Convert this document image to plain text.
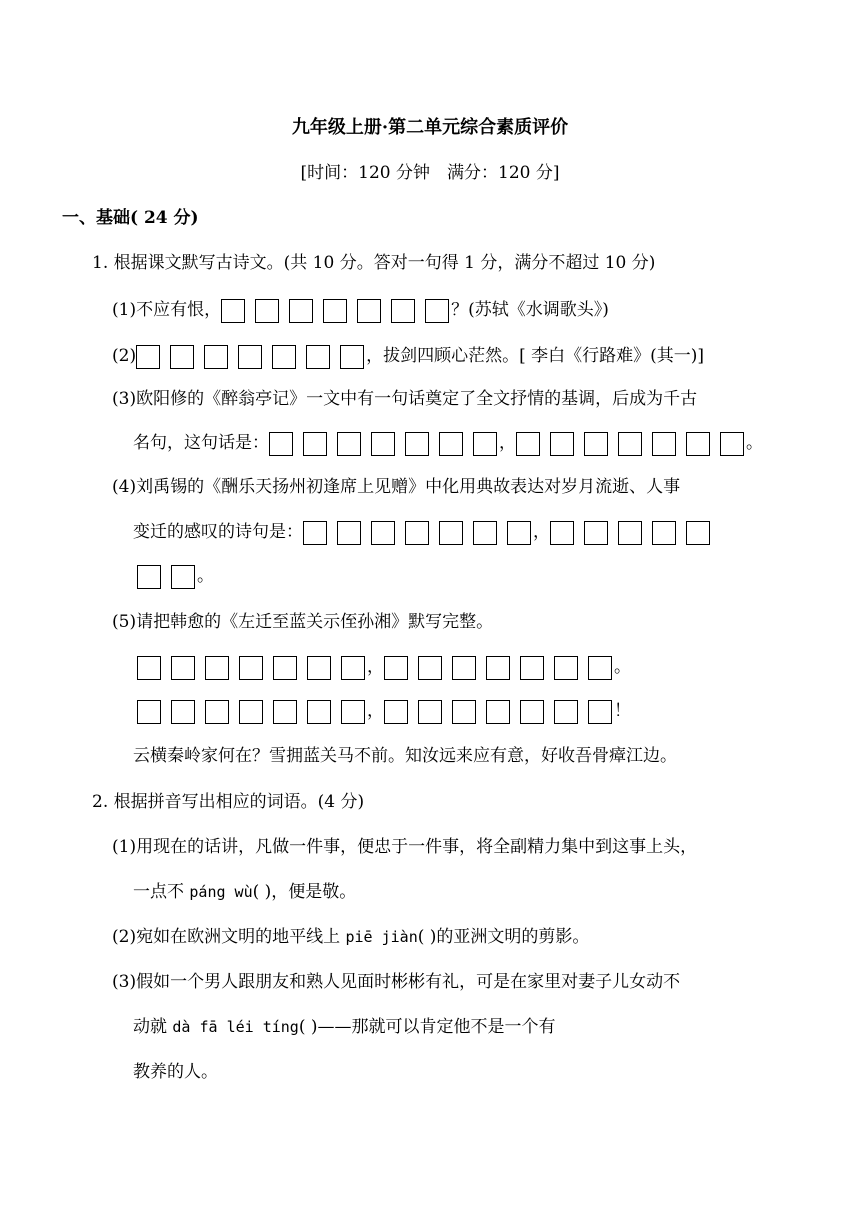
九年级上册·第二单元综合素质评价
[时间：120 分钟　满分：120 分]
一、基础( 24 分)
1. 根据课文默写古诗文。(共 10 分。答对一句得 1 分，满分不超过 10 分)
(1)不应有恨，	？(苏轼《水调歌头》)
(2)	，拔剑四顾心茫然。[ 李白《行路难》(其一)]
(3)欧阳修的《醉翁亭记》一文中有一句话奠定了全文抒情的基调，后成为千古
名句，这句话是：	，	。
(4)刘禹锡的《酬乐天扬州初逢席上见赠》中化用典故表达对岁月流逝、人事
变迁的感叹的诗句是：	，
。
(5)请把韩愈的《左迁至蓝关示侄孙湘》默写完整。
，	。
，	！
云横秦岭家何在？雪拥蓝关马不前。知汝远来应有意，好收吾骨瘴江边。
2. 根据拼音写出相应的词语。(4 分)
(1)用现在的话讲，凡做一件事，便忠于一件事，将全副精力集中到这事上头，
一点不 páng wù( )，便是敬。
(2)宛如在欧洲文明的地平线上 piē jiàn( )的亚洲文明的剪影。
(3)假如一个男人跟朋友和熟人见面时彬彬有礼，可是在家里对妻子儿女动不
动就 dà fā léi tíng( )——那就可以肯定他不是一个有
教养的人。
